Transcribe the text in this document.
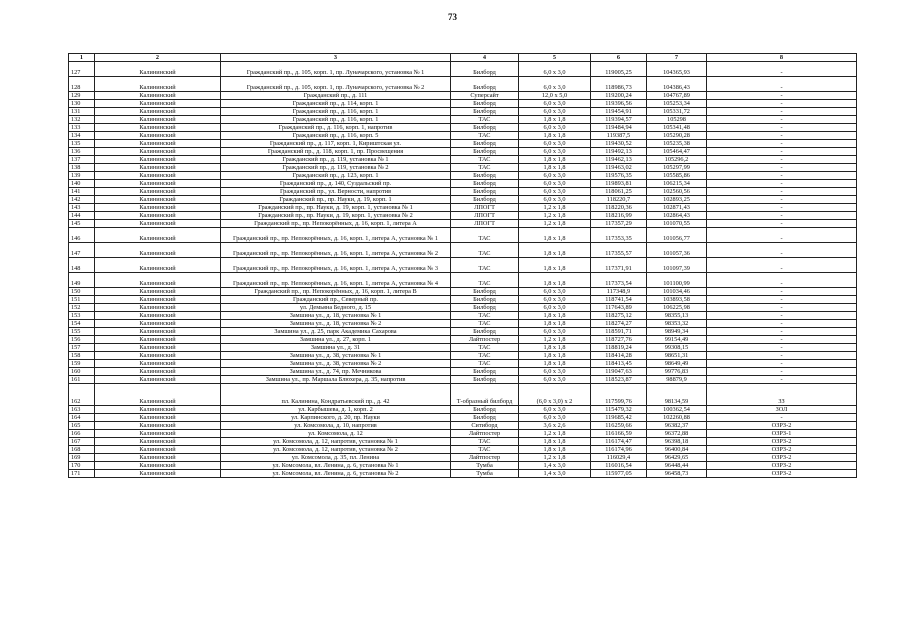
73
1	2	3	4	5	6	7	8
127	Калининский	Гражданский пр., д. 105, корп. 1, пр. Луначарского, установка № 1	Билборд	6,0 х 3,0	119005,25	104365,93	-
128	Калининский	Гражданский пр., д. 105, корп. 1, пр. Луначарского, установка № 2	Билборд	6,0 х 3,0	118986,73	104386,43	-
129	Калининский	Гражданский пр., д. 111	Суперсайт	12,0 х 5,0	119200,24	104767,89	-
130	Калининский	Гражданский пр., д. 114, корп. 1	Билборд	6,0 х 3,0	119396,56	105253,34	-
131	Калининский	Гражданский пр., д. 116, корп. 1	Билборд	6,0 х 3,0	119454,91	105331,72	-
132	Калининский	Гражданский пр., д. 116, корп. 1	ТАС	1,8 х 1,8	119394,57	105298	-
133	Калининский	Гражданский пр., д. 116, корп. 1, напротив	Билборд	6,0 х 3,0	119484,94	105341,48	-
134	Калининский	Гражданский пр., д. 116, корп. 5	ТАС	1,8 х 1,8	119387,5	105290,28	-
135	Калининский	Гражданский пр., д. 117, корп. 1, Кириштская ул.	Билборд	6,0 х 3,0	119430,52	105235,38	-
136	Калининский	Гражданский пр., д. 118, корп. 1, пр. Просвещения	Билборд	6,0 х 3,0	119492,13	105464,47	-
137	Калининский	Гражданский пр., д. 119, установка № 1	ТАС	1,8 х 1,8	119462,13	105296,2	-
138	Калининский	Гражданский пр., д. 119, установка № 2	ТАС	1,8 х 1,8	119463,02	105297,99	-
139	Калининский	Гражданский пр., д. 123, корп. 1	Билборд	6,0 х 3,0	119576,35	105585,86	-
140	Калининский	Гражданский пр., д. 140, Суздальский пр.	Билборд	6,0 х 3,0	119893,81	106215,34	-
141	Калининский	Гражданский пр., ул. Верности, напротив	Билборд	6,0 х 3,0	118061,25	102560,56	-
142	Калининский	Гражданский пр., пр. Науки, д. 19, корп. 1	Билборд	6,0 х 3,0	118220,7	102893,25	-
143	Калининский	Гражданский пр., пр. Науки, д. 19, корп. 1, установка № 1	ЛПОГТ	1,2 х 1,8	118220,36	102871,43	-
144	Калининский	Гражданский пр., пр. Науки, д. 19, корп. 1, установка № 2	ЛПОГТ	1,2 х 1,8	118216,99	102864,43	-
145	Калининский	Гражданский пр., пр. Непокорённых, д. 16, корп. 1, литера А	ЛПОГТ	1,2 х 1,8	117357,29	101070,55	-
146	Калининский	Гражданский пр., пр. Непокорённых, д. 16, корп. 1, литера А, установка № 1	ТАС	1,8 х 1,8	117353,35	101056,77	-
147	Калининский	Гражданский пр., пр. Непокорённых, д. 16, корп. 1, литера А, установка № 2	ТАС	1,8 х 1,8	117355,57	101057,36	-
148	Калининский	Гражданский пр., пр. Непокорённых, д. 16, корп. 1, литера А, установка № 3	ТАС	1,8 х 1,8	117371,91	101097,39	-
149	Калининский	Гражданский пр., пр. Непокорённых, д. 16, корп. 1, литера А, установка № 4	ТАС	1,8 х 1,8	117373,54	101100,99	-
150	Калининский	Гражданский пр., пр. Непокорённых, д. 16, корп. 1, литера В	Билборд	6,0 х 3,0	117348,9	101034,46	-
151	Калининский	Гражданский пр., Северный пр.	Билборд	6,0 х 3,0	118741,54	103893,58	-
152	Калининский	ул. Демьяна Бедного, д. 15	Билборд	6,0 х 3,0	117643,89	106225,98	-
153	Калининский	Замшина ул., д. 18, установка № 1	ТАС	1,8 х 1,8	118275,12	98355,13	-
154	Калининский	Замшина ул., д. 18, установка № 2	ТАС	1,8 х 1,8	118274,27	98353,32	-
155	Калининский	Замшина ул., д. 25, парк Академика Сахарова	Билборд	6,0 х 3,0	118591,71	98949,34	-
156	Калининский	Замшина ул., д. 27, корп. 1	Лайтпостер	1,2 х 1,8	118727,76	99154,49	-
157	Калининский	Замшина ул., д. 31	ТАС	1,8 х 1,8	118819,24	99308,15	-
158	Калининский	Замшина ул., д. 38, установка № 1	ТАС	1,8 х 1,8	118414,28	98651,31	-
159	Калининский	Замшина ул., д. 38, установка № 2	ТАС	1,8 х 1,8	118413,45	98649,49	-
160	Калининский	Замшина ул., д. 74, пр. Мечникова	Билборд	6,0 х 3,0	119047,63	99776,83	-
161	Калининский	Замшина ул., пр. Маршала Блюхера, д. 35, напротив	Билборд	6,0 х 3,0	118523,87	98879,9	-
162	Калининский	пл. Калинина, Кондратьевский пр., д. 42	Т-образный билборд	(6,0 х 3,0) х 2	117599,76	98134,59	ЗЗ
163	Калининский	ул. Карбышева, д. 1, корп. 2	Билборд	6,0 х 3,0	115479,32	100362,54	ЗОЛ
164	Калининский	ул. Карпинского, д. 20, пр. Науки	Билборд	6,0 х 3,0	119685,42	102260,88	-
165	Калининский	ул. Комсомола, д. 10, напротив	Ситиборд	3,6 х 2,6	116259,66	96382,37	ОЗРЗ-2
166	Калининский	ул. Комсомола, д. 12	Лайтпостер	1,2 х 1,8	116166,59	96372,88	ОЗРЗ-1
167	Калининский	ул. Комсомола, д. 12, напротив, установка № 1	ТАС	1,8 х 1,8	116174,47	96398,18	ОЗРЗ-2
168	Калининский	ул. Комсомола, д. 12, напротив, установка № 2	ТАС	1,8 х 1,8	116174,96	96400,84	ОЗРЗ-2
169	Калининский	ул. Комсомола, д. 35, пл. Ленина	Лайтпостер	1,2 х 1,8	116029,4	96429,65	ОЗРЗ-2
170	Калининский	ул. Комсомола, вл. Ленина, д. 6, установка № 1	Тумба	1,4 х 3,0	116016,54	96448,44	ОЗРЗ-2
171	Калининский	ул. Комсомола, вл. Ленина, д. 6, установка № 2	Тумба	1,4 х 3,0	115977,05	96458,73	ОЗРЗ-2
